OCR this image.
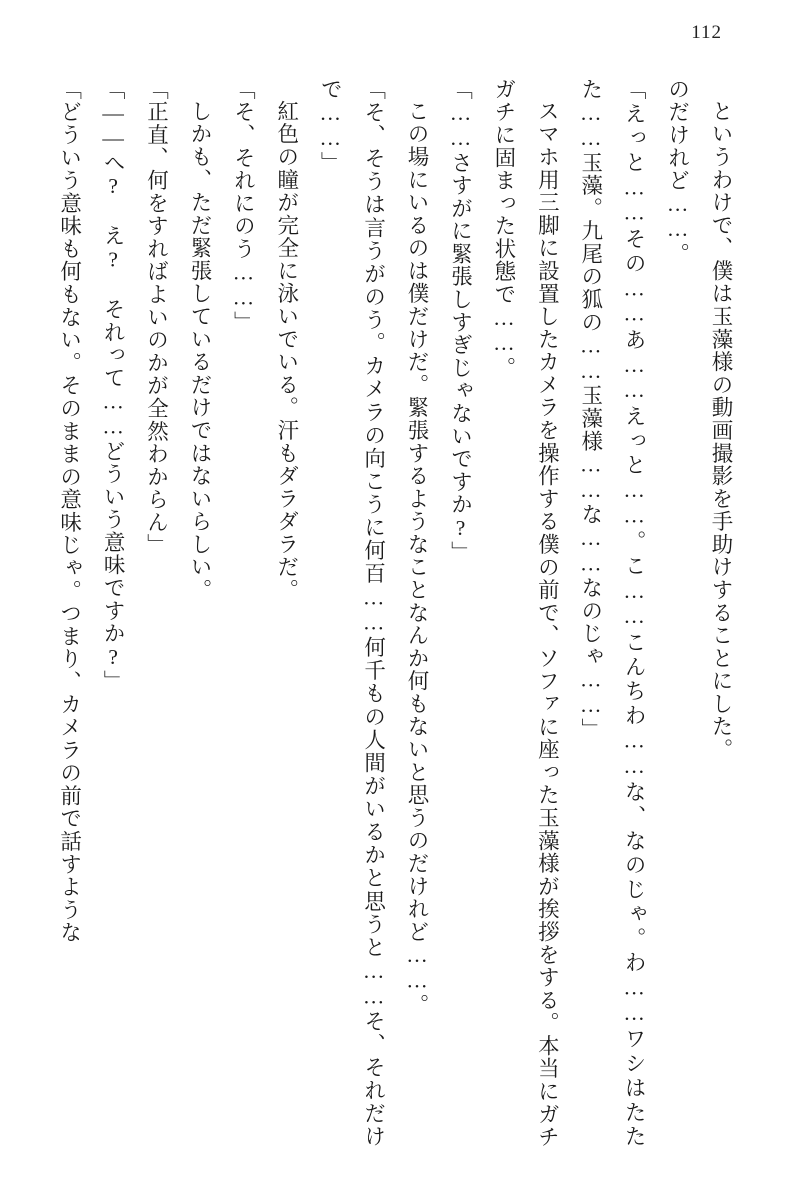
112

というわけで、僕は玉藻様の動画撮影を手助けすることにした。

のだけれど……。

「えっと……その……あ……えっと……。こ……こんちわ……な、なのじゃ。わ……ワシはたたた……玉藻。九尾の狐の……玉藻様……な……なのじゃ……」

スマホ用三脚に設置したカメラを操作する僕の前で、ソファに座った玉藻様が挨拶をする。本当にガチガチに固まった状態で……。

「……さすがに緊張しすぎじゃないですか?」

この場にいるのは僕だけだ。緊張するようなことなんか何もないと思うのだけれど……。

「そ、そうは言うがのう。カメラの向こうに何百……何千もの人間がいるかと思うと……そ、それだけで……」

紅色の瞳が完全に泳いでいる。汗もダラダラだ。

「そ、それにのう……」

しかも、ただ緊張しているだけではないらしい。

「正直、何をすればよいのかが全然わからん」

「——へ? え? それって……どういう意味ですか?」

「どういう意味も何もない。そのままの意味じゃ。つまり、カメラの前で話すような
